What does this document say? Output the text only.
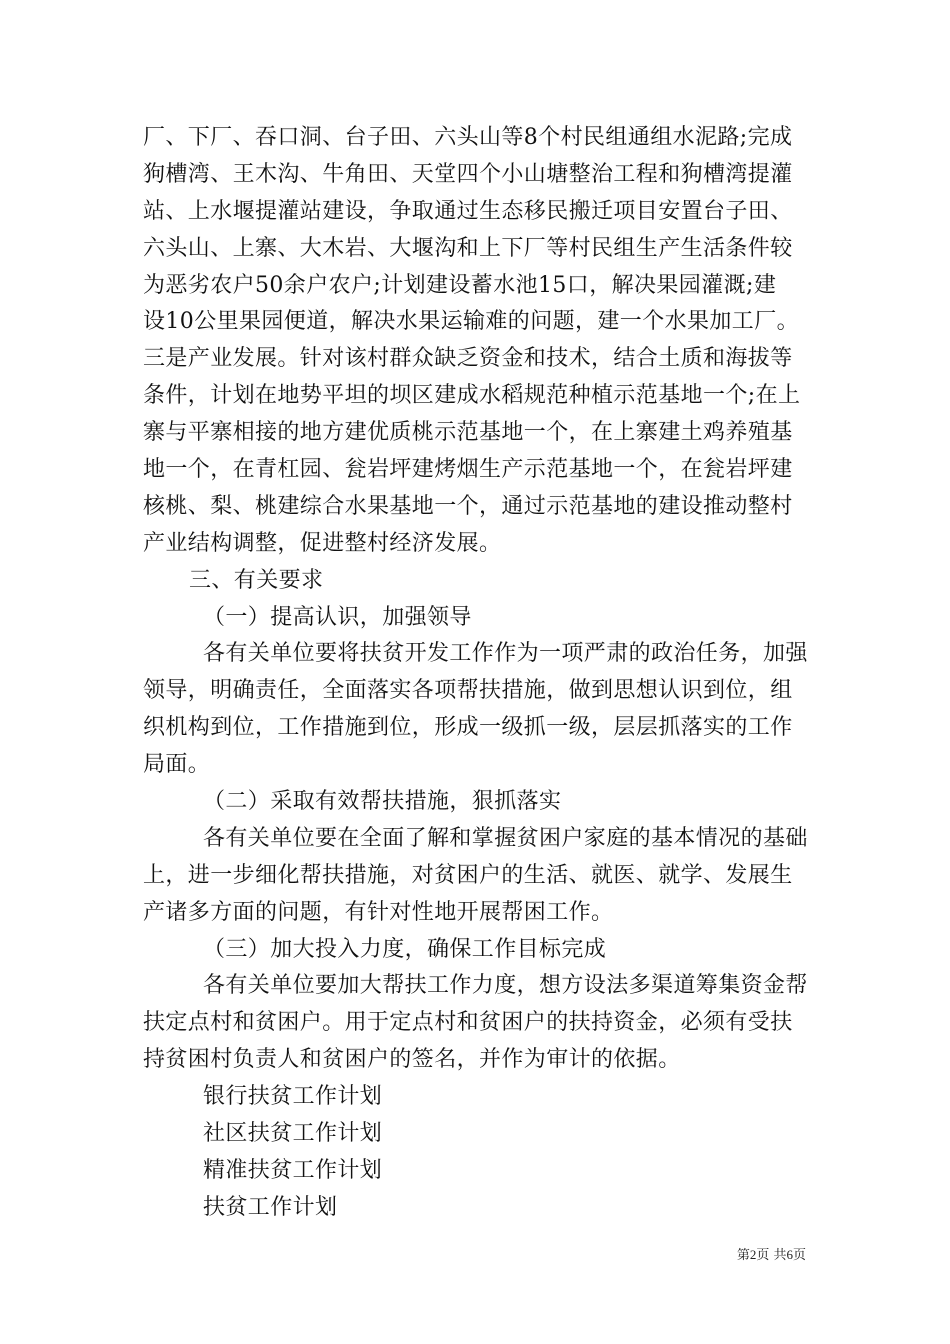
厂、下厂、吞口洞、台子田、六头山等8个村民组通组水泥路;完成
狗槽湾、王木沟、牛角田、天堂四个小山塘整治工程和狗槽湾提灌
站、上水堰提灌站建设，争取通过生态移民搬迁项目安置台子田、
六头山、上寨、大木岩、大堰沟和上下厂等村民组生产生活条件较
为恶劣农户50余户农户;计划建设蓄水池15口，解决果园灌溉;建
设10公里果园便道，解决水果运输难的问题，建一个水果加工厂。
三是产业发展。针对该村群众缺乏资金和技术，结合土质和海拔等
条件，计划在地势平坦的坝区建成水稻规范种植示范基地一个;在上
寨与平寨相接的地方建优质桃示范基地一个，在上寨建土鸡养殖基
地一个，在青杠园、瓮岩坪建烤烟生产示范基地一个，在瓮岩坪建
核桃、梨、桃建综合水果基地一个，通过示范基地的建设推动整村
产业结构调整，促进整村经济发展。
三、有关要求
（一）提高认识，加强领导
各有关单位要将扶贫开发工作作为一项严肃的政治任务，加强
领导，明确责任，全面落实各项帮扶措施，做到思想认识到位，组
织机构到位，工作措施到位，形成一级抓一级，层层抓落实的工作
局面。
（二）采取有效帮扶措施，狠抓落实
各有关单位要在全面了解和掌握贫困户家庭的基本情况的基础
上，进一步细化帮扶措施，对贫困户的生活、就医、就学、发展生
产诸多方面的问题，有针对性地开展帮困工作。
（三）加大投入力度，确保工作目标完成
各有关单位要加大帮扶工作力度，想方设法多渠道筹集资金帮
扶定点村和贫困户。用于定点村和贫困户的扶持资金，必须有受扶
持贫困村负责人和贫困户的签名，并作为审计的依据。
银行扶贫工作计划
社区扶贫工作计划
精准扶贫工作计划
扶贫工作计划
第2页 共6页
